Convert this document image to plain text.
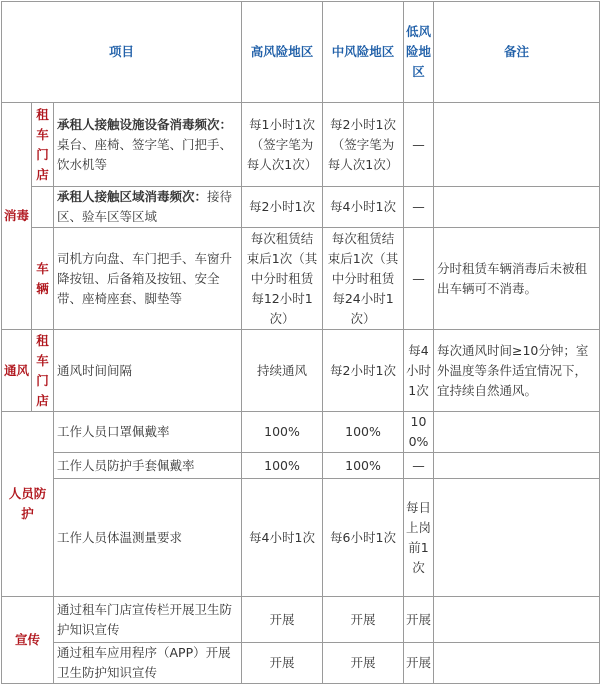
项目			高风险地区	中风险地区	低风险地区	备注
消毒	租车门店	承租人接触设施设备消毒频次：桌台、座椅、签字笔、门把手、饮水机等	每1小时1次（签字笔为每人次1次）	每2小时1次（签字笔为每人次1次）	—	
		承租人接触区域消毒频次：接待区、验车区等区域	每2小时1次	每4小时1次	—	
	车辆	司机方向盘、车门把手、车窗升降按钮、后备箱及按钮、安全带、座椅座套、脚垫等	每次租赁结束后1次（其中分时租赁每12小时1次）	每次租赁结束后1次（其中分时租赁每24小时1次）	—	分时租赁车辆消毒后未被租出车辆可不消毒。
通风	租车门店	通风时间间隔	持续通风	每2小时1次	每4小时1次	每次通风时间≥10分钟；室外温度等条件适宜情况下，宜持续自然通风。
人员防护		工作人员口罩佩戴率	100%	100%	100%	
		工作人员防护手套佩戴率	100%	100%	—	
		工作人员体温测量要求	每4小时1次	每6小时1次	每日上岗前1次	
宣传		通过租车门店宣传栏开展卫生防护知识宣传	开展	开展	开展	
		通过租车应用程序（APP）开展卫生防护知识宣传	开展	开展	开展	
